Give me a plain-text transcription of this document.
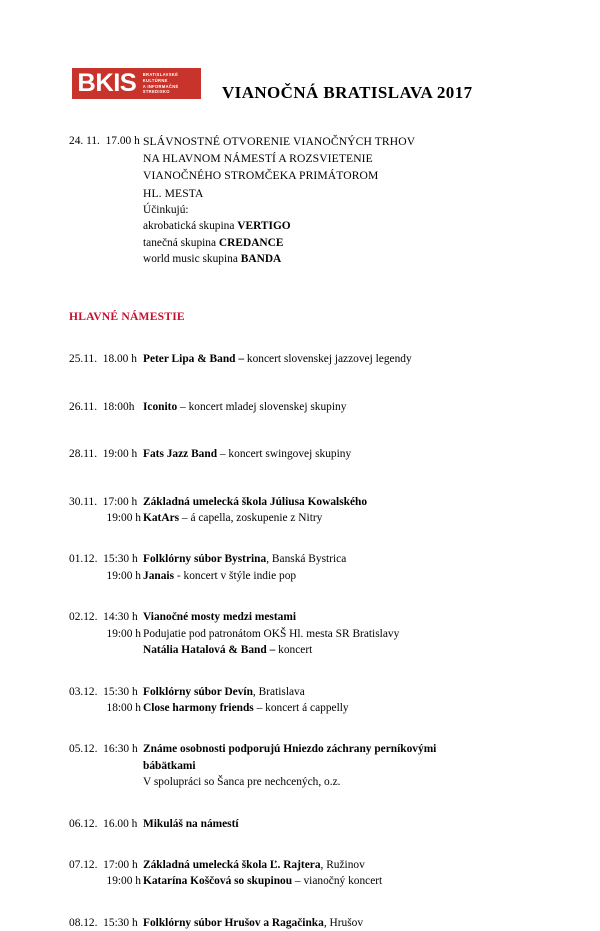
BKIS BRATISLAVSKÉ
KULTÚRNE
A INFORMAČNÉ
STREDISKO	VIANOČNÁ BRATISLAVA 2017
24. 11.  17.00 h SLÁVNOSTNÉ OTVORENIE VIANOČNÝCH TRHOV
NA HLAVNOM NÁMESTÍ A ROZSVIETENIE
VIANOČNÉHO STROMČEKA PRIMÁTOROM
HL. MESTA
Účinkujú:
akrobatická skupina VERTIGO
tanečná skupina CREDANCE
world music skupina BANDA
HLAVNÉ NÁMESTIE
25.11.  18.00 h Peter Lipa & Band – koncert slovenskej jazzovej legendy
26.11.  18:00h Iconito – koncert mladej slovenskej skupiny
28.11.  19:00 h Fats Jazz Band – koncert swingovej skupiny
30.11.  17:00 h
19:00 h
Základná umelecká škola Júliusa Kowalského
KatArs – á capella, zoskupenie z Nitry
01.12.  15:30 h
19:00 h
Folklórny súbor Bystrina, Banská Bystrica
Janais - koncert v štýle indie pop
02.12.  14:30 h
19:00 h
Vianočné mosty medzi mestami
Podujatie pod patronátom OKŠ Hl. mesta SR Bratislavy
Natália Hatalová & Band – koncert
03.12.  15:30 h
18:00 h
Folklórny súbor Devín, Bratislava
Close harmony friends – koncert á cappelly
05.12.  16:30 h Známe osobnosti podporujú Hniezdo záchrany perníkovými
bábätkami
V spolupráci so Šanca pre nechcených, o.z.
06.12.  16.00 h Mikuláš na námestí
07.12.  17:00 h
19:00 h
Základná umelecká škola Ľ. Rajtera, Ružinov
Katarína Koščová so skupinou – vianočný koncert
08.12.  15:30 h Folklórny súbor Hrušov a Ragačinka, Hrušov
